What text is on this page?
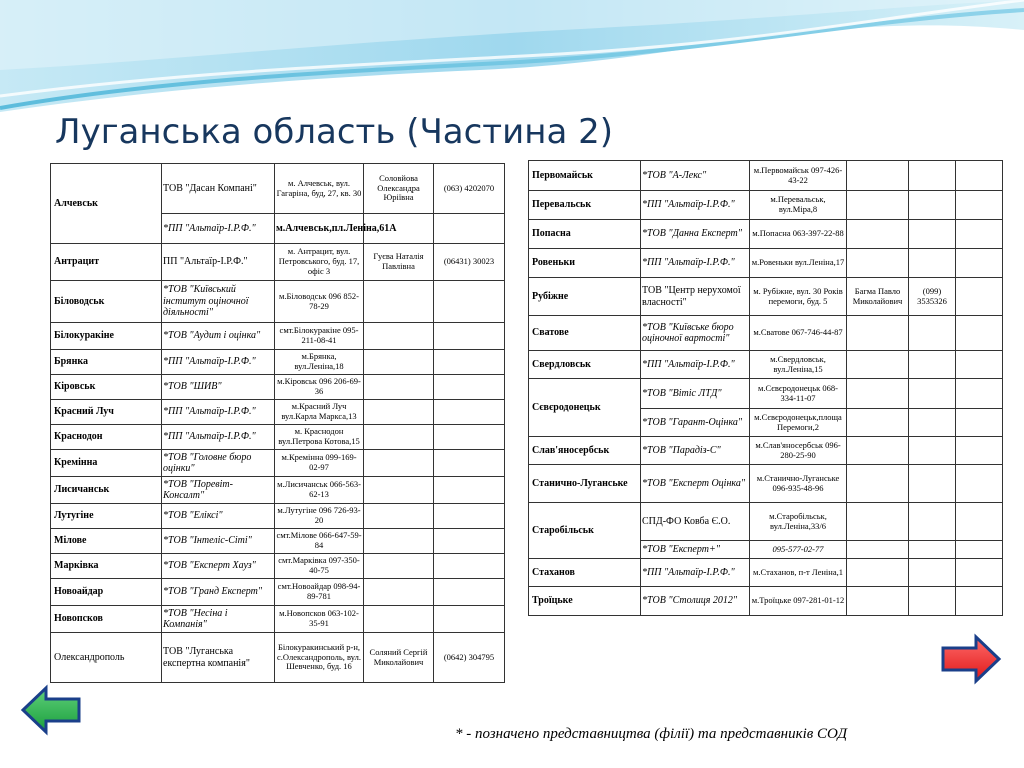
Луганська область (Частина 2)
Алчевськ	ТОВ "Дасан Компані"	м. Алчевськ, вул. Гагаріна, буд, 27, кв. 30	Соловйова Олександра Юріївна	(063) 4202070
	*ПП "Альтаїр-І.Р.Ф."	м.Алчевськ,пл.Леніна,61А		
Антрацит	ПП "Альтаїр-І.Р.Ф."	м. Антрацит, вул. Петровського, буд. 17, офіс 3	Гуєва Наталія Павлівна	(06431) 30023
Біловодськ	*ТОВ "Київський інститут оціночної діяльності"	м.Біловодськ 096 852-78-29		
Білокуракіне	*ТОВ "Аудит і оцінка"	смт.Білокуракіне 095-211-08-41		
Брянка	*ПП "Альтаїр-І.Р.Ф."	м.Брянка, вул.Леніна,18		
Кіровськ	*ТОВ "ШИВ"	м.Кіровськ 096 206-69-36		
Красний Луч	*ПП "Альтаїр-І.Р.Ф."	м.Красний Луч вул.Карла Маркса,13		
Краснодон	*ПП "Альтаїр-І.Р.Ф."	м. Краснодон вул.Петрова Котова,15		
Кремінна	*ТОВ "Головне бюро оцінки"	м.Кремінна 099-169-02-97		
Лисичанськ	*ТОВ "Поревіт-Консалт"	м.Лисичанськ 066-563-62-13		
Лутугіне	*ТОВ "Еліксі"	м.Лутугіне 096 726-93-20		
Мілове	*ТОВ "Інтеліс-Сіті"	смт.Мілове 066-647-59-84		
Марківка	*ТОВ "Експерт Хауз"	смт.Марківка 097-350-40-75		
Новоайдар	*ТОВ "Гранд Експерт"	смт.Новоайдар 098-94-89-781		
Новопсков	*ТОВ "Несіна і Компанія"	м.Новопсков 063-102-35-91		
Олександрополь	ТОВ "Луганська експертна компанія"	Білокуракинський р-н, с.Олександрополь, вул. Шевченко, буд. 16	Соляний Сергій Миколайович	(0642) 304795
Первомайськ	*ТОВ "А-Лекс"	м.Первомайськ 097-426-43-22			
Перевальськ	*ПП "Альтаїр-І.Р.Ф."	м.Перевальськ, вул.Міра,8			
Попасна	*ТОВ "Данна Експерт"	м.Попасна 063-397-22-88			
Ровеньки	*ПП "Альтаїр-І.Р.Ф."	м.Ровеньки вул.Леніна,17			
Рубіжне	ТОВ "Центр нерухомої власності"	м. Рубіжне, вул. 30 Років перемоги, буд. 5	Багма Павло Миколайович	(099) 3535326	
Сватове	*ТОВ "Київське бюро оціночної вартості"	м.Сватове 067-746-44-87			
Свердловськ	*ПП "Альтаїр-І.Р.Ф."	м.Свердловськ, вул.Леніна,15			
Сєвєродонецьк	*ТОВ "Вітіс ЛТД"	м.Сєвєродонецьк 068-334-11-07			
	*ТОВ "Гарант-Оцінка"	м.Сєвєродонецьк,площа Перемоги,2			
Слав'яносербськ	*ТОВ "Парадіз-С"	м.Слав'яносербськ 096-280-25-90			
Станично-Луганське	*ТОВ "Експерт Оцінка"	м.Станично-Луганське 096-935-48-96			
Старобільськ	СПД-ФО Ковба Є.О.	м.Старобільськ, вул.Леніна,33/6			
	*ТОВ "Експерт+"	095-577-02-77			
Стаханов	*ПП "Альтаїр-І.Р.Ф."	м.Стаханов, п-т Леніна,1			
Троїцьке	*ТОВ "Столиця 2012"	м.Троїцьке 097-281-01-12			
* - позначено представництва (філії) та представників СОД
